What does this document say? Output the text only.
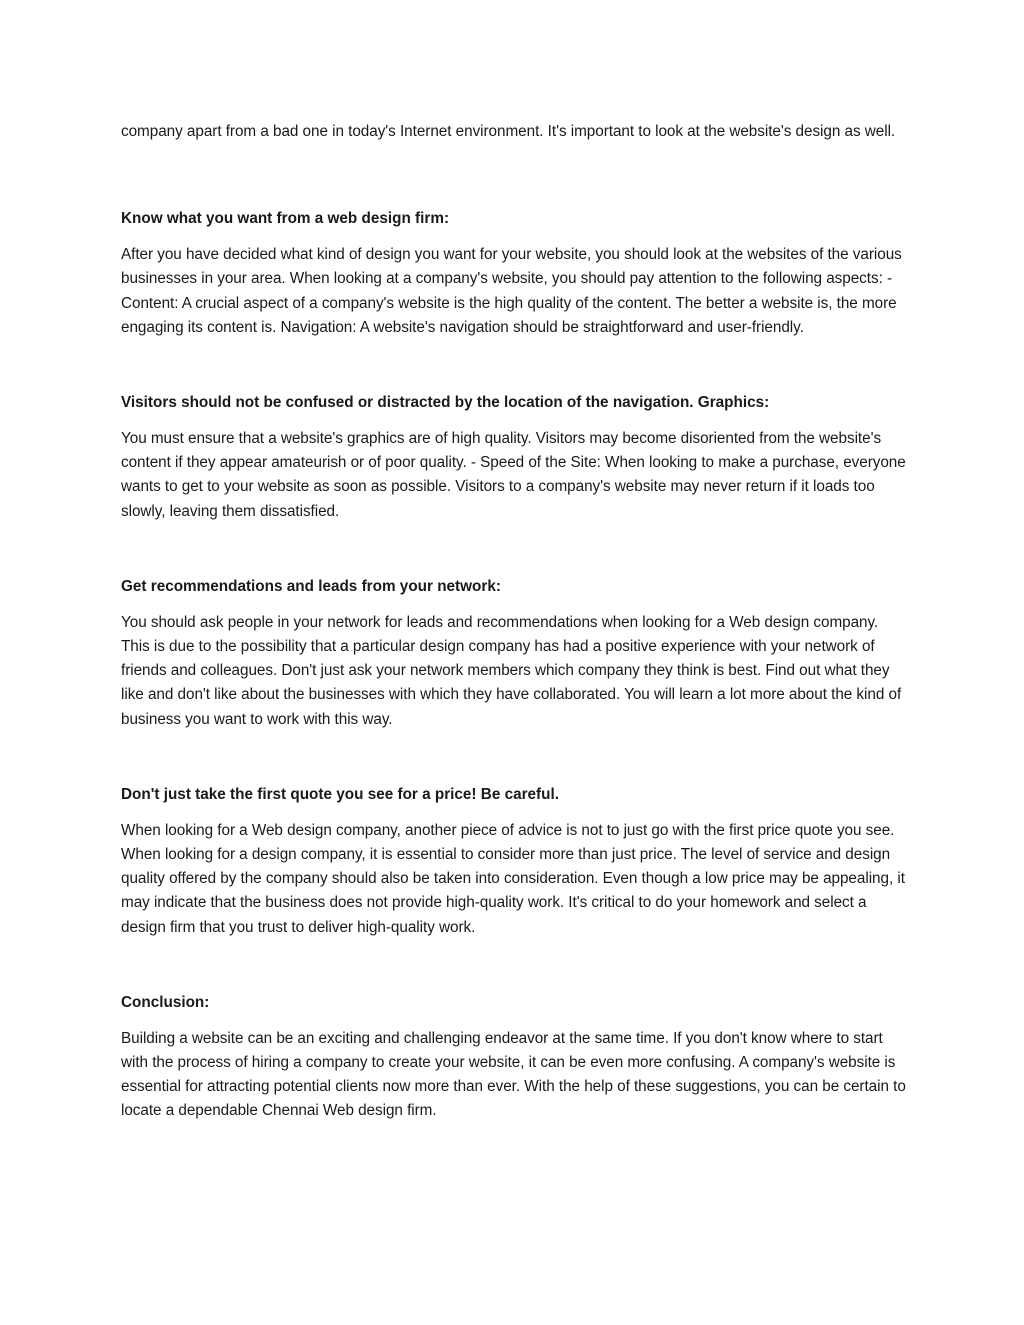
company apart from a bad one in today's Internet environment. It's important to look at the website's design as well.

Know what you want from a web design firm:

After you have decided what kind of design you want for your website, you should look at the websites of the various businesses in your area. When looking at a company's website, you should pay attention to the following aspects: - Content: A crucial aspect of a company's website is the high quality of the content. The better a website is, the more engaging its content is. Navigation: A website's navigation should be straightforward and user-friendly.

Visitors should not be confused or distracted by the location of the navigation. Graphics:

You must ensure that a website's graphics are of high quality. Visitors may become disoriented from the website's content if they appear amateurish or of poor quality. - Speed of the Site: When looking to make a purchase, everyone wants to get to your website as soon as possible. Visitors to a company's website may never return if it loads too slowly, leaving them dissatisfied.

Get recommendations and leads from your network:

You should ask people in your network for leads and recommendations when looking for a Web design company. This is due to the possibility that a particular design company has had a positive experience with your network of friends and colleagues. Don't just ask your network members which company they think is best. Find out what they like and don't like about the businesses with which they have collaborated. You will learn a lot more about the kind of business you want to work with this way.

Don't just take the first quote you see for a price! Be careful.

When looking for a Web design company, another piece of advice is not to just go with the first price quote you see. When looking for a design company, it is essential to consider more than just price. The level of service and design quality offered by the company should also be taken into consideration. Even though a low price may be appealing, it may indicate that the business does not provide high-quality work. It's critical to do your homework and select a design firm that you trust to deliver high-quality work.

Conclusion:

Building a website can be an exciting and challenging endeavor at the same time. If you don't know where to start with the process of hiring a company to create your website, it can be even more confusing. A company's website is essential for attracting potential clients now more than ever. With the help of these suggestions, you can be certain to locate a dependable Chennai Web design firm.
